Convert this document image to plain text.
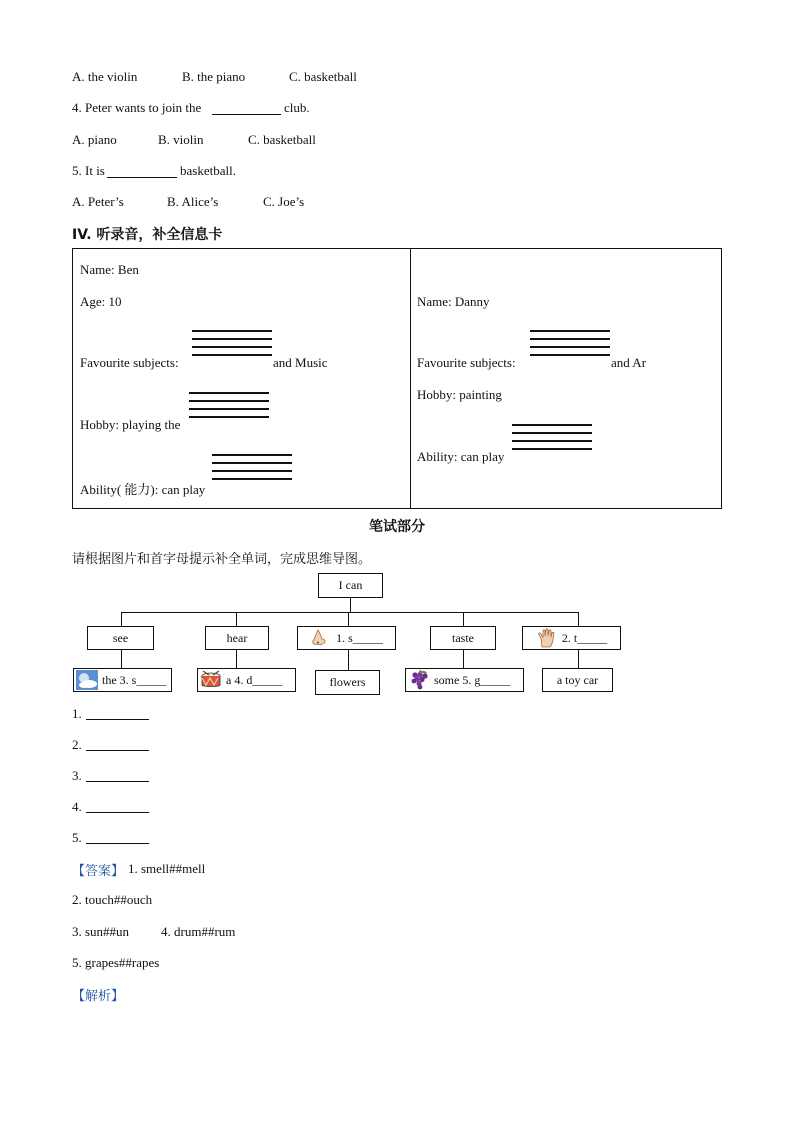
A. the violin	B. the piano	C. basketball
4. Peter wants to join the	club.
A. piano	B. violin	C. basketball
5. It is	basketball.
A. Peter’s	B. Alice’s	C. Joe’s
IV. 听录音，补全信息卡
Name: Ben
Age: 10
Favourite subjects:	and Music
Hobby: playing the
Ability( 能力): can play
Name: Danny
Favourite subjects:	and Ar
Hobby: painting
Ability: can play
笔试部分
请根据图片和首字母提示补全单词，完成思维导图。
I can
see	hear	1. s_____	taste	2. t_____
the 3. s_____	a 4. d_____	flowers	some 5. g_____	a toy car
1.
2.
3.
4.
5.
【答案】 1. smell##mell
2. touch##ouch
3. sun##un 4. drum##rum
5. grapes##rapes
【解析】
